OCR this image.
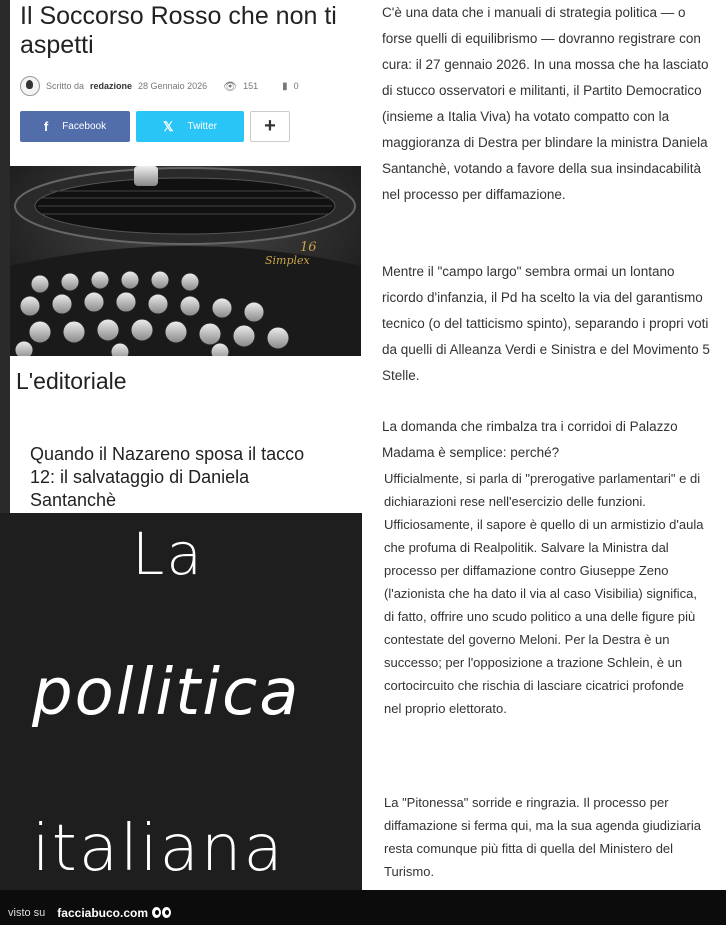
Il Soccorso Rosso che non ti aspetti
Scritto da redazione 28 Gennaio 2026 👁 151 ▮ 0
f Facebook	𝕏 Twitter	+
16
Simplex
L'editoriale
Quando il Nazareno sposa il tacco 12: il salvataggio di Daniela Santanchè
La
pollitica
italiana

C'è una data che i manuali di strategia politica — o forse quelli di equilibrismo — dovranno registrare con cura: il 27 gennaio 2026. In una mossa che ha lasciato di stucco osservatori e militanti, il Partito Democratico (insieme a Italia Viva) ha votato compatto con la maggioranza di Destra per blindare la ministra Daniela Santanchè, votando a favore della sua insindacabilità nel processo per diffamazione.

Mentre il "campo largo" sembra ormai un lontano ricordo d'infanzia, il Pd ha scelto la via del garantismo tecnico (o del tatticismo spinto), separando i propri voti da quelli di Alleanza Verdi e Sinistra e del Movimento 5 Stelle.

La domanda che rimbalza tra i corridoi di Palazzo Madama è semplice: perché?

Ufficialmente, si parla di "prerogative parlamentari" e di dichiarazioni rese nell'esercizio delle funzioni. Ufficiosamente, il sapore è quello di un armistizio d'aula che profuma di Realpolitik. Salvare la Ministra dal processo per diffamazione contro Giuseppe Zeno (l'azionista che ha dato il via al caso Visibilia) significa, di fatto, offrire uno scudo politico a una delle figure più contestate del governo Meloni. Per la Destra è un successo; per l'opposizione a trazione Schlein, è un cortocircuito che rischia di lasciare cicatrici profonde nel proprio elettorato.

La "Pitonessa" sorride e ringrazia. Il processo per diffamazione si ferma qui, ma la sua agenda giudiziaria resta comunque più fitta di quella del Ministero del Turismo.

visto su facciabuco.com
